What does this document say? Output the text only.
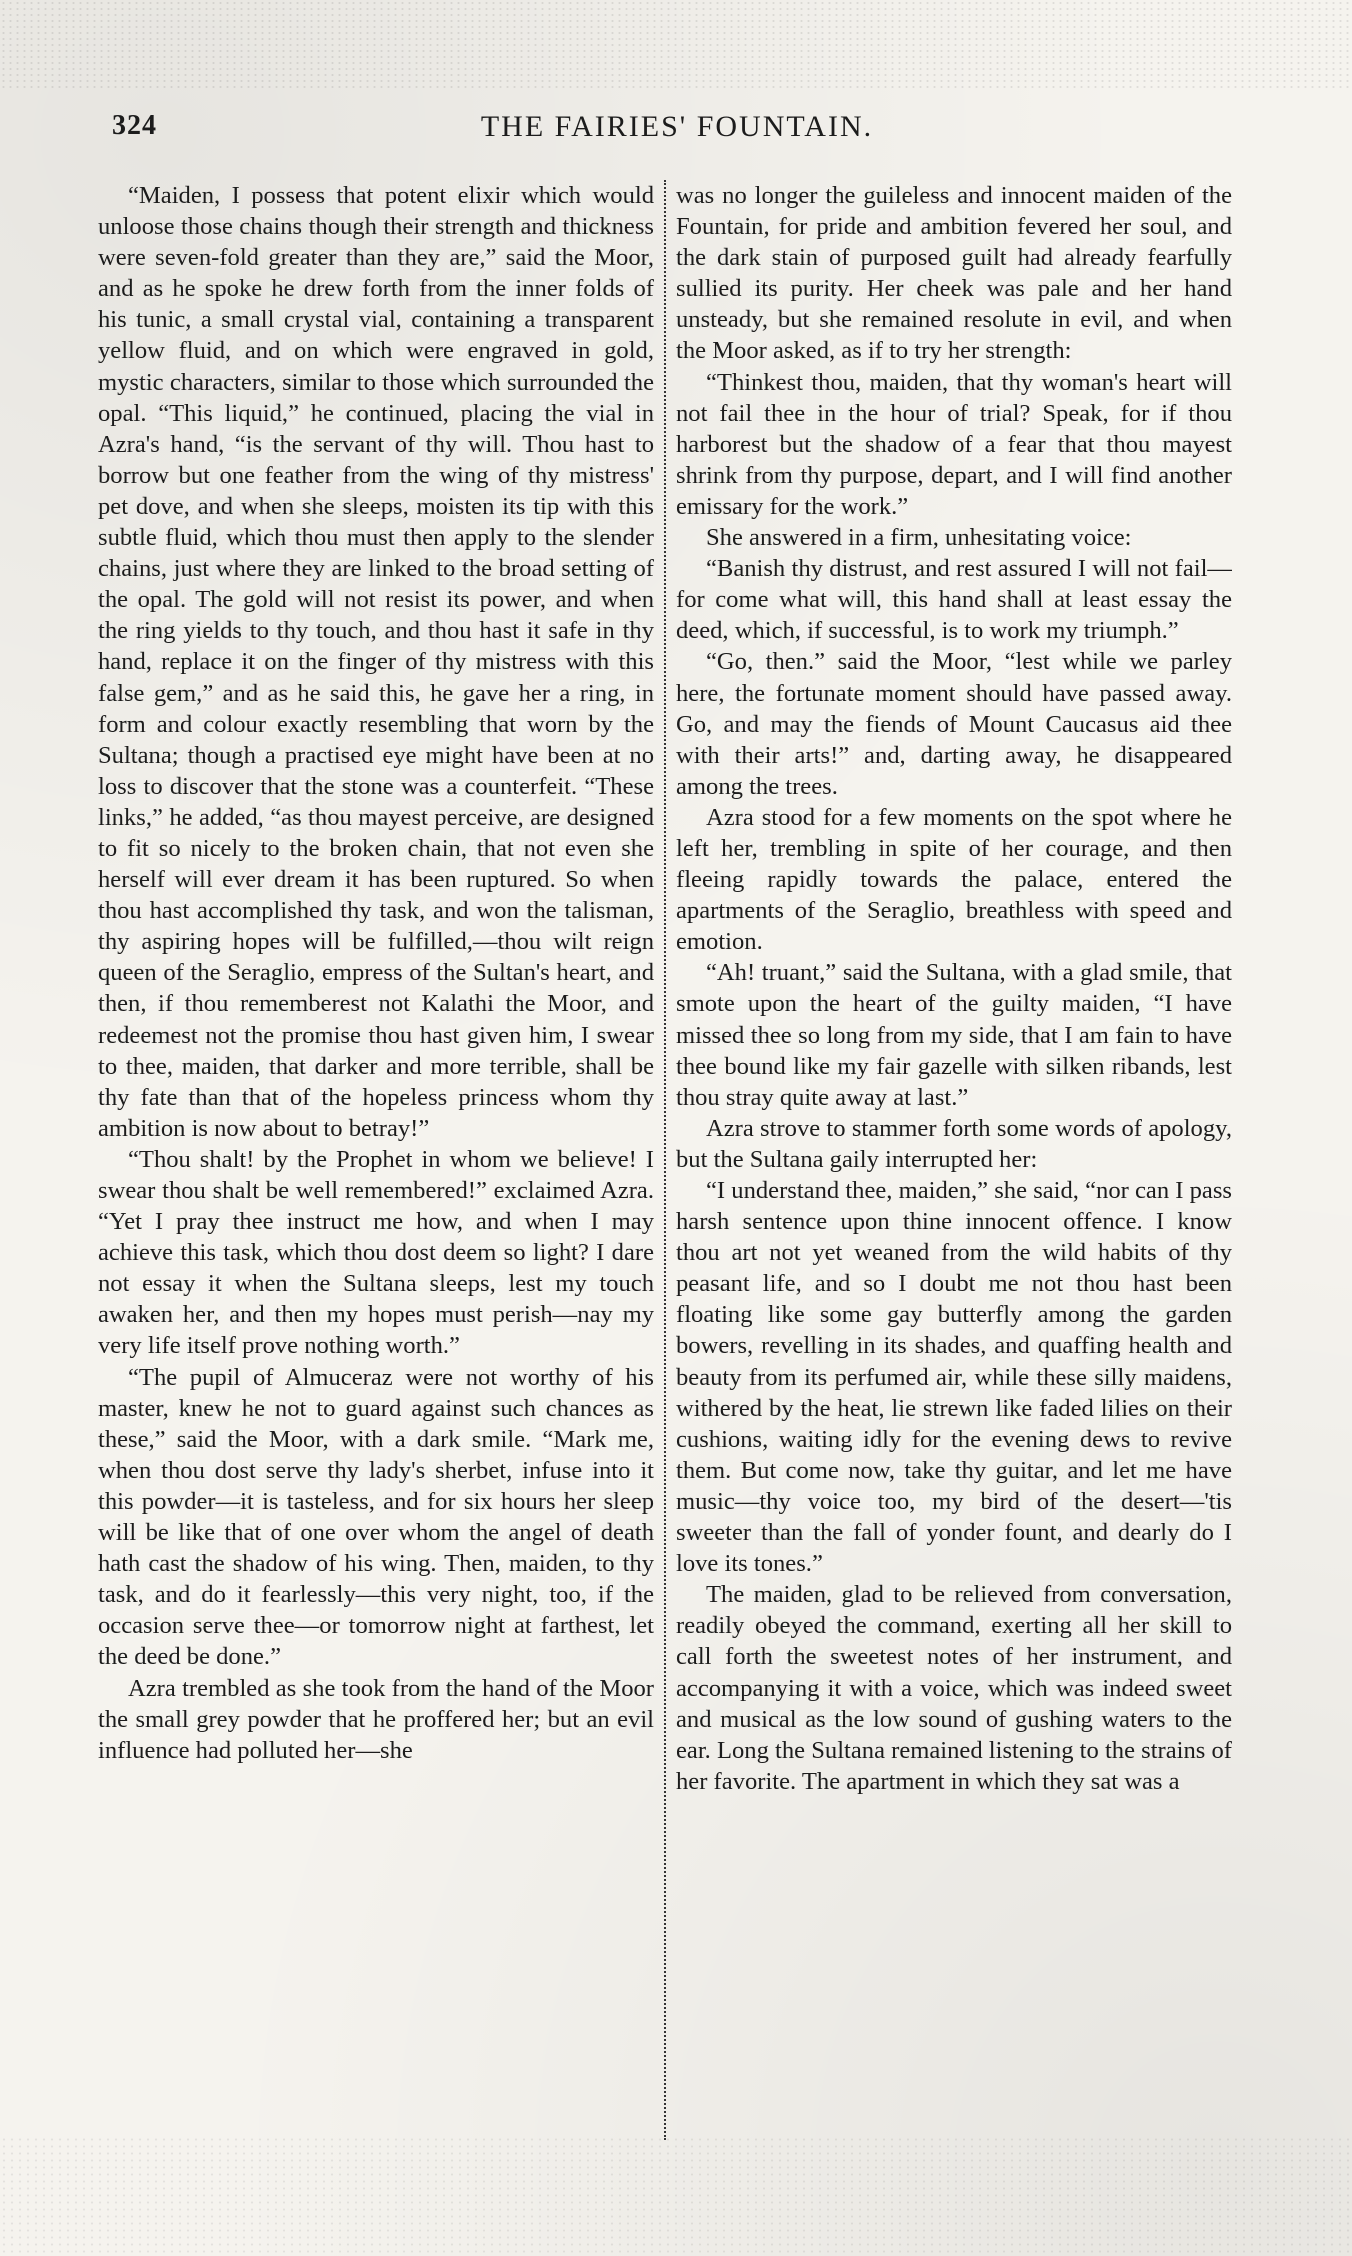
324	THE FAIRIES' FOUNTAIN.

“Maiden, I possess that potent elixir which would unloose those chains though their strength and thickness were seven-fold greater than they are,” said the Moor, and as he spoke he drew forth from the inner folds of his tunic, a small crystal vial, containing a transparent yellow fluid, and on which were engraved in gold, mystic characters, similar to those which surrounded the opal. “This liquid,” he continued, placing the vial in Azra's hand, “is the servant of thy will. Thou hast to borrow but one feather from the wing of thy mistress' pet dove, and when she sleeps, moisten its tip with this subtle fluid, which thou must then apply to the slender chains, just where they are linked to the broad setting of the opal. The gold will not resist its power, and when the ring yields to thy touch, and thou hast it safe in thy hand, replace it on the finger of thy mistress with this false gem,” and as he said this, he gave her a ring, in form and colour exactly resembling that worn by the Sultana; though a practised eye might have been at no loss to discover that the stone was a counterfeit. “These links,” he added, “as thou mayest perceive, are designed to fit so nicely to the broken chain, that not even she herself will ever dream it has been ruptured. So when thou hast accomplished thy task, and won the talisman, thy aspiring hopes will be fulfilled,—thou wilt reign queen of the Seraglio, empress of the Sultan's heart, and then, if thou rememberest not Kalathi the Moor, and redeemest not the promise thou hast given him, I swear to thee, maiden, that darker and more terrible, shall be thy fate than that of the hopeless princess whom thy ambition is now about to betray!”

“Thou shalt! by the Prophet in whom we believe! I swear thou shalt be well remembered!” exclaimed Azra. “Yet I pray thee instruct me how, and when I may achieve this task, which thou dost deem so light? I dare not essay it when the Sultana sleeps, lest my touch awaken her, and then my hopes must perish—nay my very life itself prove nothing worth.”

“The pupil of Almuceraz were not worthy of his master, knew he not to guard against such chances as these,” said the Moor, with a dark smile. “Mark me, when thou dost serve thy lady's sherbet, infuse into it this powder—it is tasteless, and for six hours her sleep will be like that of one over whom the angel of death hath cast the shadow of his wing. Then, maiden, to thy task, and do it fearlessly—this very night, too, if the occasion serve thee—or tomorrow night at farthest, let the deed be done.”

Azra trembled as she took from the hand of the Moor the small grey powder that he proffered her; but an evil influence had polluted her—she

was no longer the guileless and innocent maiden of the Fountain, for pride and ambition fevered her soul, and the dark stain of purposed guilt had already fearfully sullied its purity. Her cheek was pale and her hand unsteady, but she remained resolute in evil, and when the Moor asked, as if to try her strength:

“Thinkest thou, maiden, that thy woman's heart will not fail thee in the hour of trial? Speak, for if thou harborest but the shadow of a fear that thou mayest shrink from thy purpose, depart, and I will find another emissary for the work.”

She answered in a firm, unhesitating voice:

“Banish thy distrust, and rest assured I will not fail—for come what will, this hand shall at least essay the deed, which, if successful, is to work my triumph.”

“Go, then.” said the Moor, “lest while we parley here, the fortunate moment should have passed away. Go, and may the fiends of Mount Caucasus aid thee with their arts!” and, darting away, he disappeared among the trees.

Azra stood for a few moments on the spot where he left her, trembling in spite of her courage, and then fleeing rapidly towards the palace, entered the apartments of the Seraglio, breathless with speed and emotion.

“Ah! truant,” said the Sultana, with a glad smile, that smote upon the heart of the guilty maiden, “I have missed thee so long from my side, that I am fain to have thee bound like my fair gazelle with silken ribands, lest thou stray quite away at last.”

Azra strove to stammer forth some words of apology, but the Sultana gaily interrupted her:

“I understand thee, maiden,” she said, “nor can I pass harsh sentence upon thine innocent offence. I know thou art not yet weaned from the wild habits of thy peasant life, and so I doubt me not thou hast been floating like some gay butterfly among the garden bowers, revelling in its shades, and quaffing health and beauty from its perfumed air, while these silly maidens, withered by the heat, lie strewn like faded lilies on their cushions, waiting idly for the evening dews to revive them. But come now, take thy guitar, and let me have music—thy voice too, my bird of the desert—'tis sweeter than the fall of yonder fount, and dearly do I love its tones.”

The maiden, glad to be relieved from conversation, readily obeyed the command, exerting all her skill to call forth the sweetest notes of her instrument, and accompanying it with a voice, which was indeed sweet and musical as the low sound of gushing waters to the ear. Long the Sultana remained listening to the strains of her favorite. The apartment in which they sat was a
